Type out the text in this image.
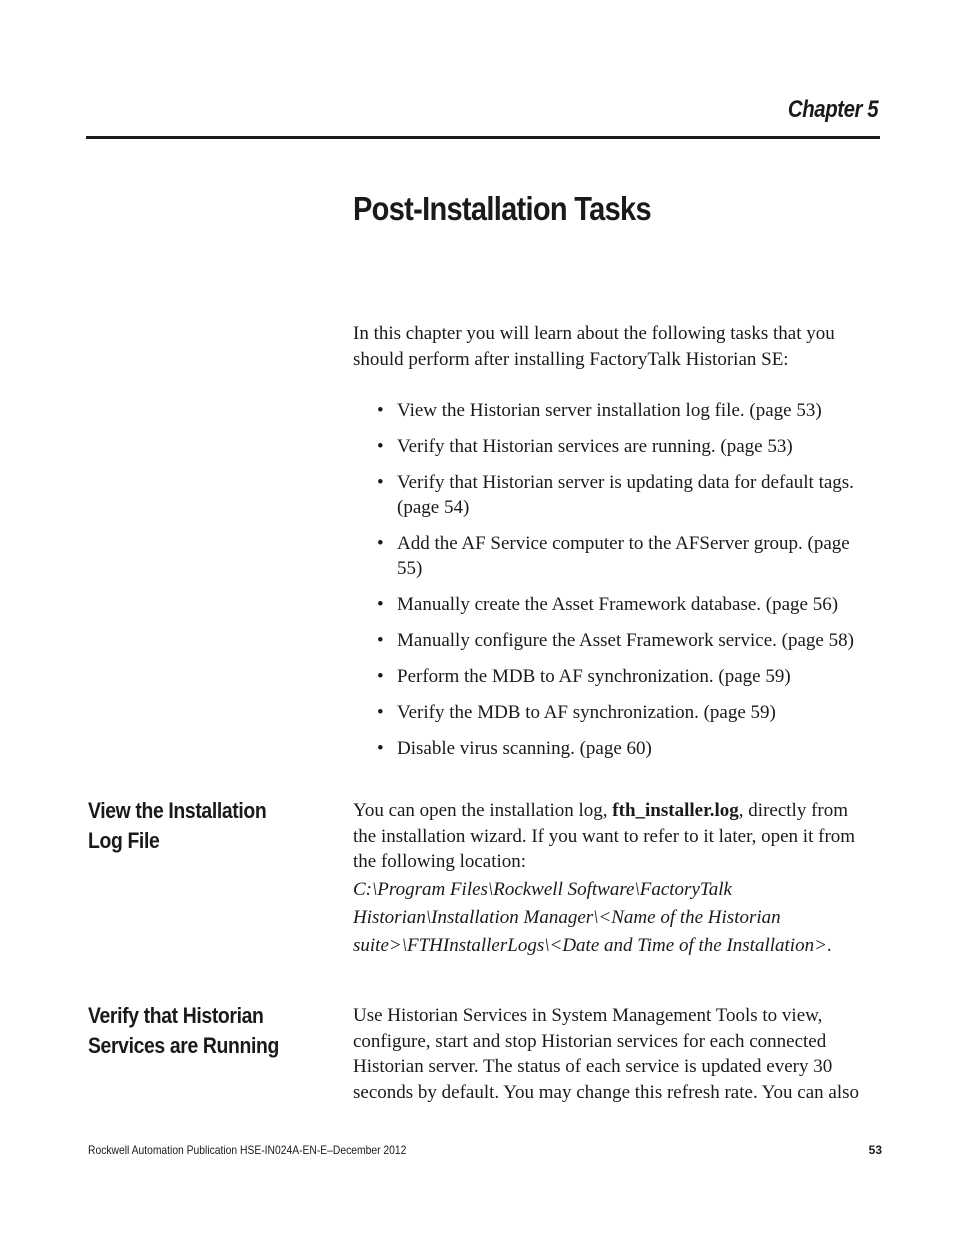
Chapter 5
Post-Installation Tasks

In this chapter you will learn about the following tasks that you should perform after installing FactoryTalk Historian SE:

• View the Historian server installation log file. (page 53)
• Verify that Historian services are running. (page 53)
• Verify that Historian server is updating data for default tags. (page 54)
• Add the AF Service computer to the AFServer group. (page 55)
• Manually create the Asset Framework database. (page 56)
• Manually configure the Asset Framework service. (page 58)
• Perform the MDB to AF synchronization. (page 59)
• Verify the MDB to AF synchronization. (page 59)
• Disable virus scanning. (page 60)
View the Installation Log File
You can open the installation log, fth_installer.log, directly from the installation wizard. If you want to refer to it later, open it from the following location:
C:\Program Files\Rockwell Software\FactoryTalk Historian\Installation Manager\<Name of the Historian suite>\FTHInstallerLogs\<Date and Time of the Installation>.
Verify that Historian Services are Running

Use Historian Services in System Management Tools to view, configure, start and stop Historian services for each connected Historian server. The status of each service is updated every 30 seconds by default. You may change this refresh rate. You can also

Rockwell Automation Publication HSE-IN024A-EN-E–December 2012	53
